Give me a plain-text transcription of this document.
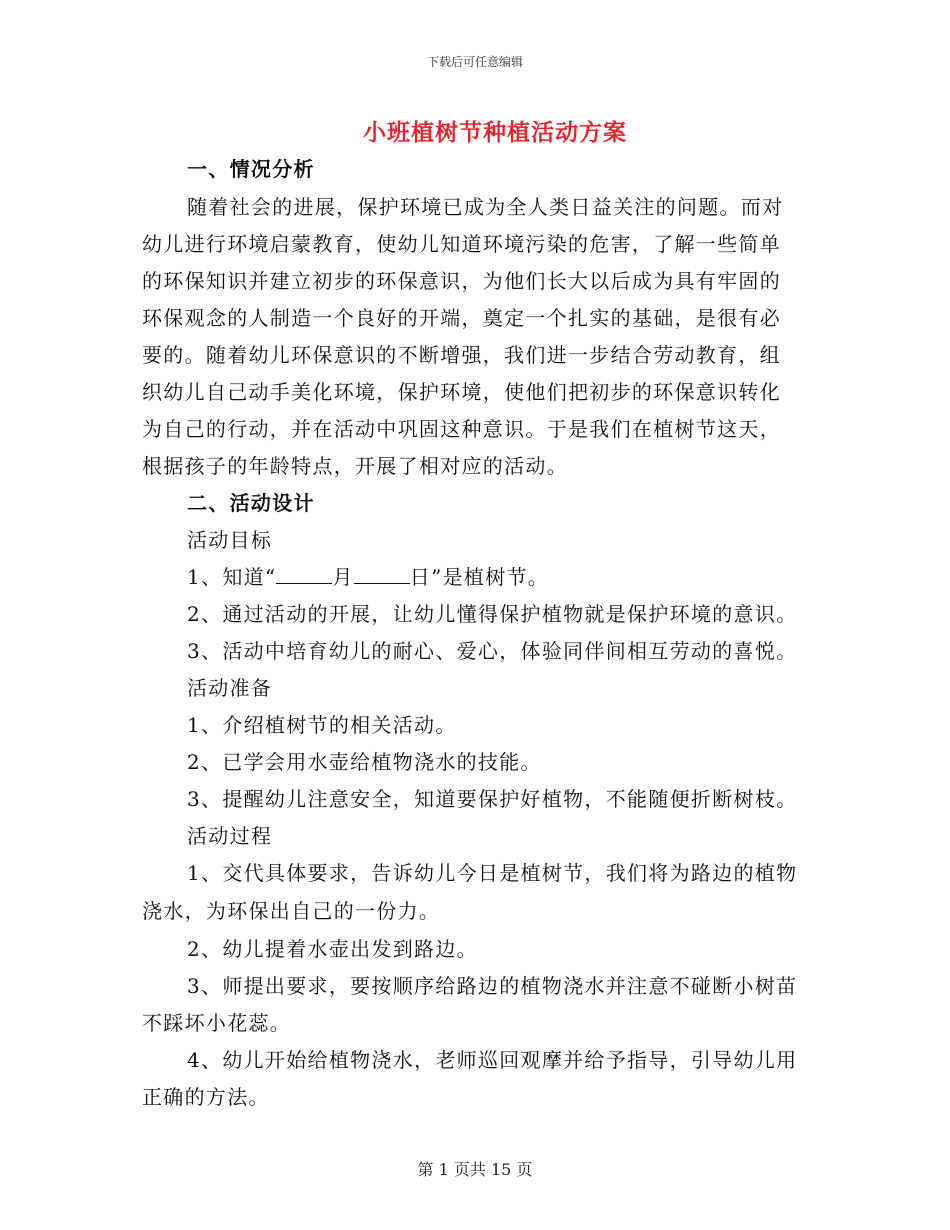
下载后可任意编辑
小班植树节种植活动方案
一、情况分析
随着社会的进展，保护环境已成为全人类日益关注的问题。而对
幼儿进行环境启蒙教育，使幼儿知道环境污染的危害，了解一些简单
的环保知识并建立初步的环保意识，为他们长大以后成为具有牢固的
环保观念的人制造一个良好的开端，奠定一个扎实的基础，是很有必
要的。随着幼儿环保意识的不断增强，我们进一步结合劳动教育，组
织幼儿自己动手美化环境，保护环境，使他们把初步的环保意识转化
为自己的行动，并在活动中巩固这种意识。于是我们在植树节这天，
根据孩子的年龄特点，开展了相对应的活动。
二、活动设计
活动目标
1、知道“	月	日”是植树节。
2、通过活动的开展，让幼儿懂得保护植物就是保护环境的意识。
3、活动中培育幼儿的耐心、爱心，体验同伴间相互劳动的喜悦。
活动准备
1、介绍植树节的相关活动。
2、已学会用水壶给植物浇水的技能。
3、提醒幼儿注意安全，知道要保护好植物，不能随便折断树枝。
活动过程
1、交代具体要求，告诉幼儿今日是植树节，我们将为路边的植物
浇水，为环保出自己的一份力。
2、幼儿提着水壶出发到路边。
3、师提出要求，要按顺序给路边的植物浇水并注意不碰断小树苗
不踩坏小花蕊。
4、幼儿开始给植物浇水，老师巡回观摩并给予指导，引导幼儿用
正确的方法。
第 1 页共 15 页
